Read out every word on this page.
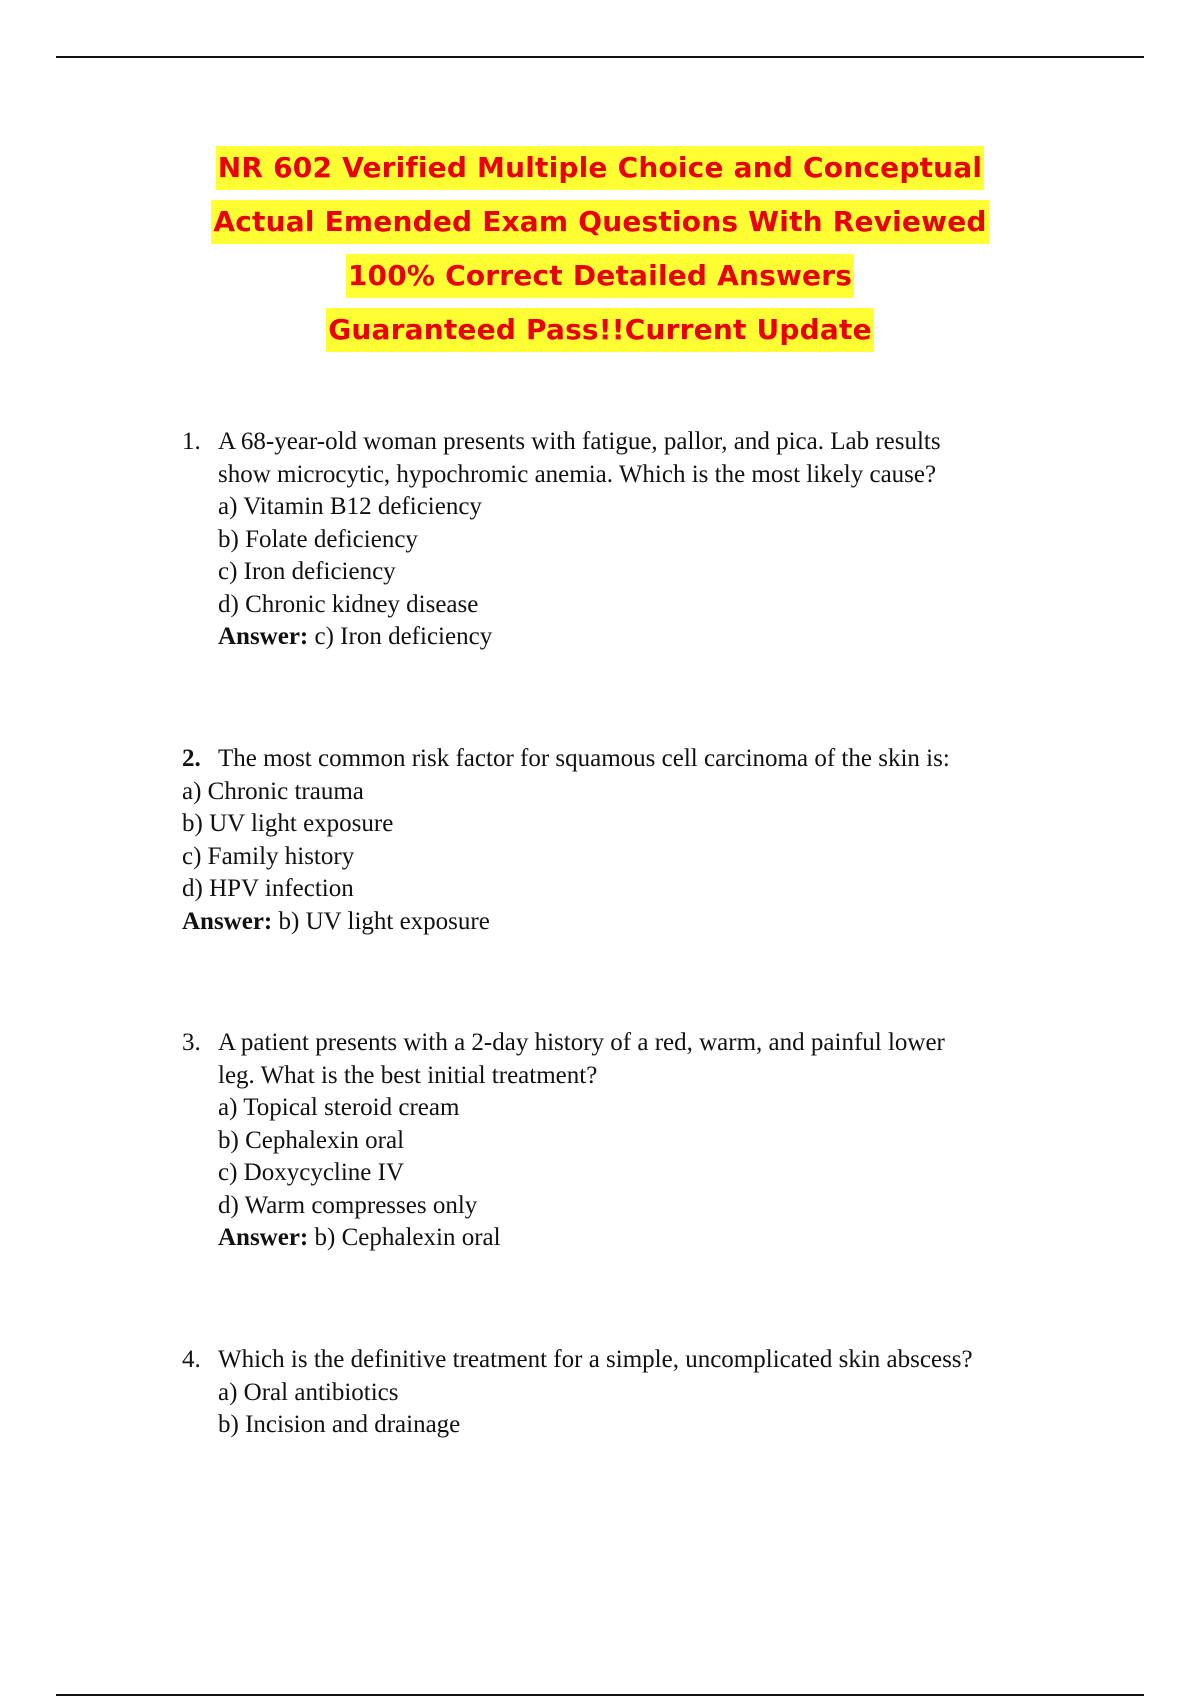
NR 602 Verified Multiple Choice and Conceptual
Actual Emended Exam Questions With Reviewed
100% Correct Detailed Answers
Guaranteed Pass!!Current Update
1. A 68-year-old woman presents with fatigue, pallor, and pica. Lab results
show microcytic, hypochromic anemia. Which is the most likely cause?
a) Vitamin B12 deficiency
b) Folate deficiency
c) Iron deficiency
d) Chronic kidney disease
Answer: c) Iron deficiency
2. The most common risk factor for squamous cell carcinoma of the skin is:
a) Chronic trauma
b) UV light exposure
c) Family history
d) HPV infection
Answer: b) UV light exposure
3. A patient presents with a 2-day history of a red, warm, and painful lower
leg. What is the best initial treatment?
a) Topical steroid cream
b) Cephalexin oral
c) Doxycycline IV
d) Warm compresses only
Answer: b) Cephalexin oral
4. Which is the definitive treatment for a simple, uncomplicated skin abscess?
a) Oral antibiotics
b) Incision and drainage
